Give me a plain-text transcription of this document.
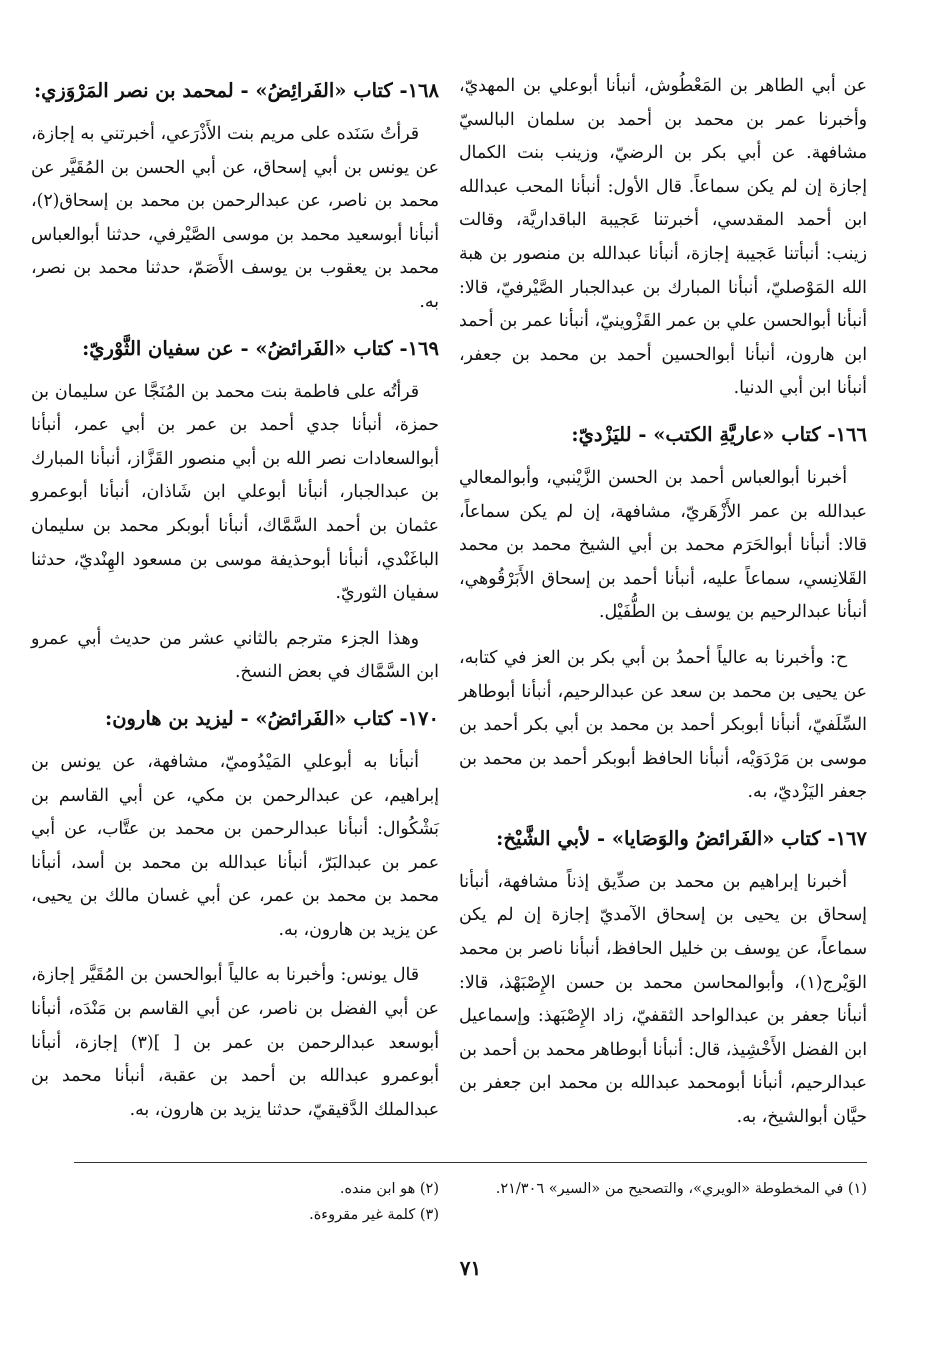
عن أبي الطاهر بن المَعْطُوش، أنبأنا أبوعلي بن المهديّ، وأخبرنا عمر بن محمد بن أحمد بن سلمان البالسيّ مشافهة. عن أبي بكر بن الرضيّ، وزينب بنت الكمال إجازة إن لم يكن سماعاً. قال الأول: أنبأنا المحب عبدالله ابن أحمد المقدسي، أخبرتنا عَجيبة الباقداريَّة، وقالت زينب: أنبأتنا عَجيبة إجازة، أنبأنا عبدالله بن منصور بن هبة الله المَوْصليّ، أنبأنا المبارك بن عبدالجبار الصَّيْرفيّ، قالا: أنبأنا أبوالحسن علي بن عمر القَزْوينيّ، أنبأنا عمر بن أحمد ابن هارون، أنبأنا أبوالحسين أحمد بن محمد بن جعفر، أنبأنا ابن أبي الدنيا.

١٦٦- كتاب «عاريَّةِ الكتب» - لليَزْديّ:

أخبرنا أبوالعباس أحمد بن الحسن الزَّيْنبي، وأبوالمعالي عبدالله بن عمر الأَزْهَريّ، مشافهة، إن لم يكن سماعاً، قالا: أنبأنا أبوالحَرَم محمد بن أبي الشيخ محمد بن محمد القَلانِسي، سماعاً عليه، أنبأنا أحمد بن إسحاق الأَبَرْقُوهي، أنبأنا عبدالرحيم بن يوسف بن الطُّفَيْل.

ح: وأخبرنا به عالياً أحمدُ بن أبي بكر بن العز في كتابه، عن يحيى بن محمد بن سعد عن عبدالرحيم، أنبأنا أبوطاهر السِّلَفيّ، أنبأنا أبوبكر أحمد بن محمد بن أبي بكر أحمد بن موسى بن مَرْدَوَيْه، أنبأنا الحافظ أبوبكر أحمد بن محمد بن جعفر اليَزْديّ، به.

١٦٧- كتاب «الفَرائضُ والوَصَايا» - لأبي الشَّيْخ:

أخبرنا إبراهيم بن محمد بن صدِّيق إذناً مشافهة، أنبأنا إسحاق بن يحيى بن إسحاق الآمديّ إجازة إن لم يكن سماعاً، عن يوسف بن خليل الحافظ، أنبأنا ناصر بن محمد الوَيْرج(١)، وأبوالمحاسن محمد بن حسن الإِصْبَهْذ، قالا: أنبأنا جعفر بن عبدالواحد الثقفيّ، زاد الإِصْبَهذ: وإسماعيل ابن الفضل الأَخْشِيذ، قال: أنبأنا أبوطاهر محمد بن أحمد بن عبدالرحيم، أنبأنا أبومحمد عبدالله بن محمد ابن جعفر بن حيَّان أبوالشيخ، به.

١٦٨- كتاب «الفَرائِضُ» - لمحمد بن نصر المَرْوَزي:

قرأتُ سَنَده على مريم بنت الأَذْرَعي، أخبرتني به إجازة، عن يونس بن أبي إسحاق، عن أبي الحسن بن المُقَيَّر عن محمد بن ناصر، عن عبدالرحمن بن محمد بن إسحاق(٢)، أنبأنا أبوسعيد محمد بن موسى الصَّيْرفي، حدثنا أبوالعباس محمد بن يعقوب بن يوسف الأَصَمّ، حدثنا محمد بن نصر، به.

١٦٩- كتاب «الفَرائضُ» - عن سفيان الثَّوْريّ:

قرأتُه على فاطمة بنت محمد بن المُنَجَّا عن سليمان بن حمزة، أنبأنا جدي أحمد بن عمر بن أبي عمر، أنبأنا أبوالسعادات نصر الله بن أبي منصور القَزَّاز، أنبأنا المبارك بن عبدالجبار، أنبأنا أبوعلي ابن شَاذان، أنبأنا أبوعمرو عثمان بن أحمد السَّمَّاك، أنبأنا أبوبكر محمد بن سليمان الباغَنْدي، أنبأنا أبوحذيفة موسى بن مسعود الهِنْديّ، حدثنا سفيان الثوريّ.

وهذا الجزء مترجم بالثاني عشر من حديث أبي عمرو ابن السَّمَّاك في بعض النسخ.

١٧٠- كتاب «الفَرائضُ» - ليزيد بن هارون:

أنبأنا به أبوعلي المَيْدُوميّ، مشافهة، عن يونس بن إبراهيم، عن عبدالرحمن بن مكي، عن أبي القاسم بن بَشْكُوال: أنبأنا عبدالرحمن بن محمد بن عتَّاب، عن أبي عمر بن عبدالبَرّ، أنبأنا عبدالله بن محمد بن أسد، أنبأنا محمد بن محمد بن عمر، عن أبي غسان مالك بن يحيى، عن يزيد بن هارون، به.

قال يونس: وأخبرنا به عالياً أبوالحسن بن المُقَيَّر إجازة، عن أبي الفضل بن ناصر، عن أبي القاسم بن مَنْدَه، أنبأنا أبوسعد عبدالرحمن بن عمر بن [ ](٣) إجازة، أنبأنا أبوعمرو عبدالله بن أحمد بن عقبة، أنبأنا محمد بن عبدالملك الدَّقيقيّ، حدثنا يزيد بن هارون، به.

(١) في المخطوطة «الويري»، والتصحيح من «السير» ٢١/٣٠٦.
(٢) هو ابن منده.
(٣) كلمة غير مقروءة.
٧١
